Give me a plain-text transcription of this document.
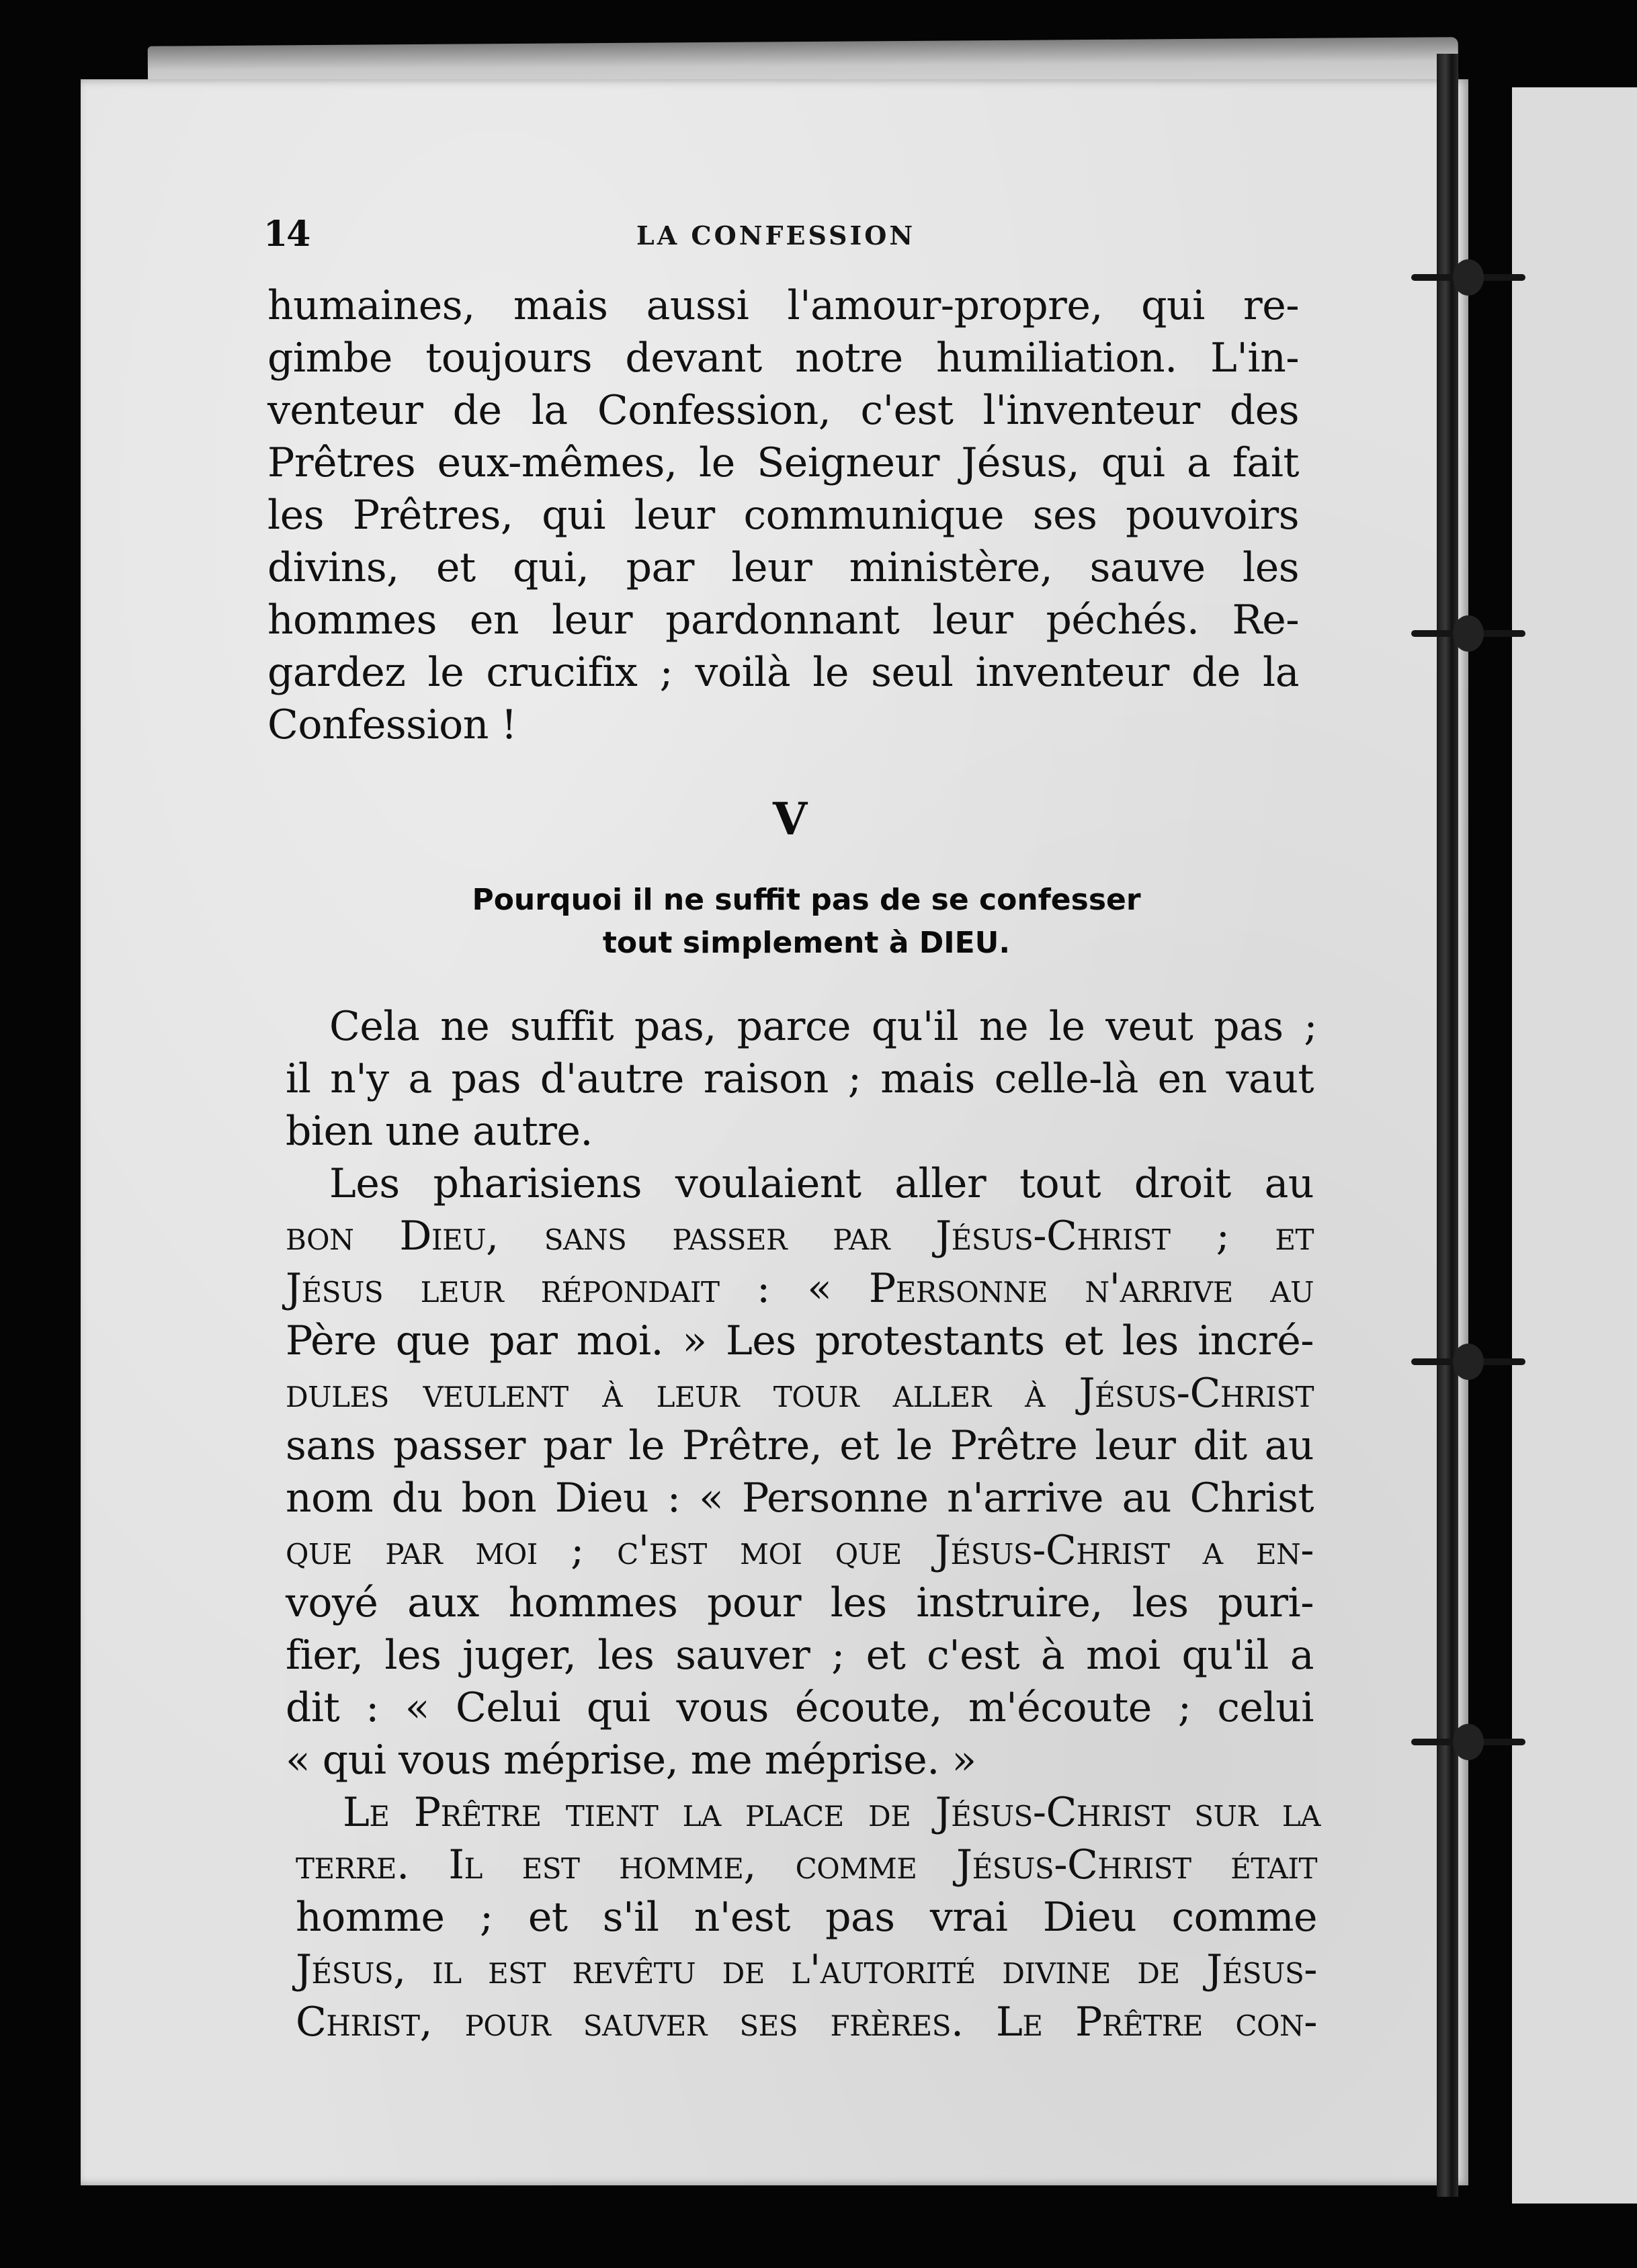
14	LA CONFESSION
humaines, mais aussi l'amour-propre, qui re-
gimbe toujours devant notre humiliation. L'in-
venteur de la Confession, c'est l'inventeur des
Prêtres eux-mêmes, le Seigneur Jésus, qui a fait
les Prêtres, qui leur communique ses pouvoirs
divins, et qui, par leur ministère, sauve les
hommes en leur pardonnant leur péchés. Re-
gardez le crucifix ; voilà le seul inventeur de la
Confession !
V
Pourquoi il ne suffit pas de se confesser
tout simplement à DIEU.
Cela ne suffit pas, parce qu'il ne le veut pas ;
il n'y a pas d'autre raison ; mais celle-là en vaut
bien une autre.
Les pharisiens voulaient aller tout droit au
bon Dieu, sans passer par Jésus-Christ ; et
Jésus leur répondait : « Personne n'arrive au
Père que par moi. » Les protestants et les incré-
dules veulent à leur tour aller à Jésus-Christ
sans passer par le Prêtre, et le Prêtre leur dit au
nom du bon Dieu : « Personne n'arrive au Christ
que par moi ; c'est moi que Jésus-Christ a en-
voyé aux hommes pour les instruire, les puri-
fier, les juger, les sauver ; et c'est à moi qu'il a
dit : « Celui qui vous écoute, m'écoute ; celui
« qui vous méprise, me méprise. »
Le Prêtre tient la place de Jésus-Christ sur la
terre. Il est homme, comme Jésus-Christ était
homme ; et s'il n'est pas vrai Dieu comme
Jésus, il est revêtu de l'autorité divine de Jésus-
Christ, pour sauver ses frères. Le Prêtre con-
